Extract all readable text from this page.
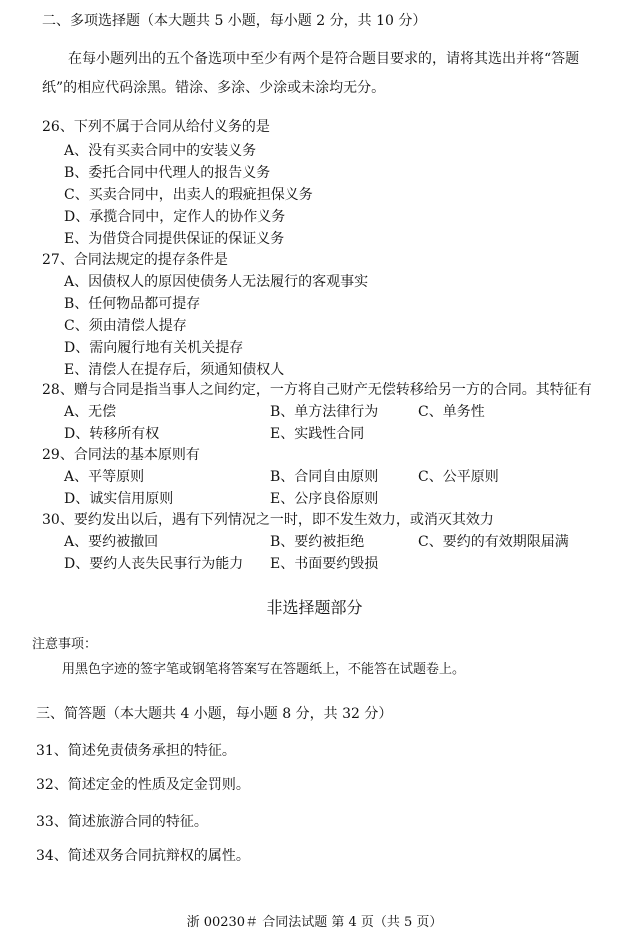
二、多项选择题（本大题共 5 小题，每小题 2 分，共 10 分）
在每小题列出的五个备选项中至少有两个是符合题目要求的，请将其选出并将“答题
纸”的相应代码涂黑。错涂、多涂、少涂或未涂均无分。
26、下列不属于合同从给付义务的是
A、没有买卖合同中的安装义务
B、委托合同中代理人的报告义务
C、买卖合同中，出卖人的瑕疵担保义务
D、承揽合同中，定作人的协作义务
E、为借贷合同提供保证的保证义务
27、合同法规定的提存条件是
A、因债权人的原因使债务人无法履行的客观事实
B、任何物品都可提存
C、须由清偿人提存
D、需向履行地有关机关提存
E、清偿人在提存后，须通知债权人
28、赠与合同是指当事人之间约定，一方将自己财产无偿转移给另一方的合同。其特征有
A、无偿	B、单方法律行为	C、单务性
D、转移所有权	E、实践性合同
29、合同法的基本原则有
A、平等原则	B、合同自由原则	C、公平原则
D、诚实信用原则	E、公序良俗原则
30、要约发出以后，遇有下列情况之一时，即不发生效力，或消灭其效力
A、要约被撤回	B、要约被拒绝	C、要约的有效期限届满
D、要约人丧失民事行为能力 E、书面要约毁损
非选择题部分
注意事项：
用黑色字迹的签字笔或钢笔将答案写在答题纸上，不能答在试题卷上。
三、简答题（本大题共 4 小题，每小题 8 分，共 32 分）
31、简述免责债务承担的特征。
32、简述定金的性质及定金罚则。
33、简述旅游合同的特征。
34、简述双务合同抗辩权的属性。
浙 00230＃ 合同法试题 第 4 页（共 5 页）
